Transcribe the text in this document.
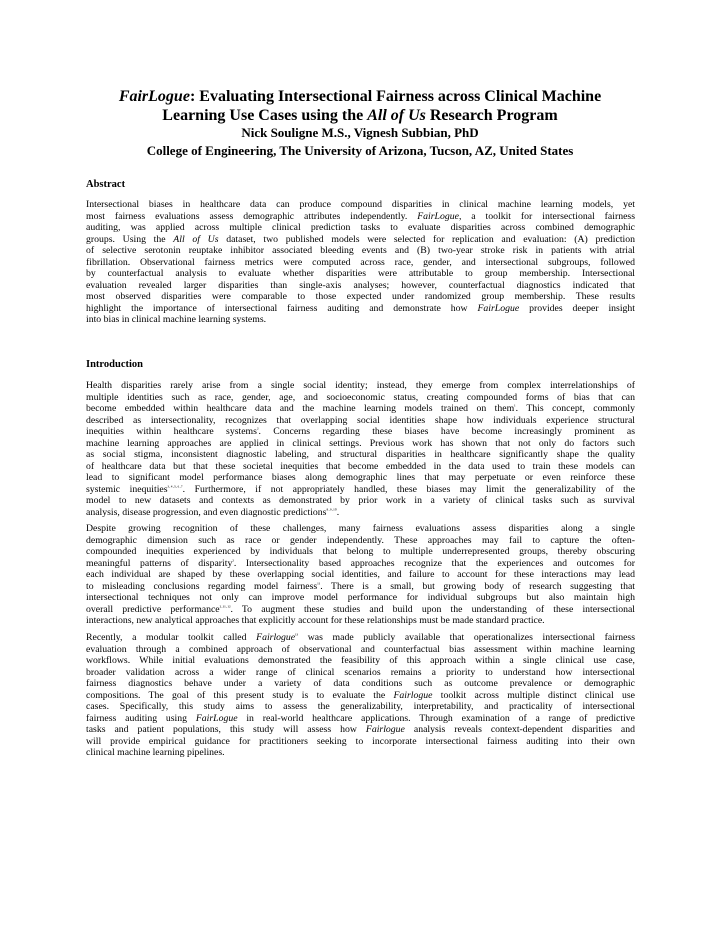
FairLogue: Evaluating Intersectional Fairness across Clinical Machine
Learning Use Cases using the All of Us Research Program
Nick Souligne M.S., Vignesh Subbian, PhD
College of Engineering, The University of Arizona, Tucson, AZ, United States
Abstract
Intersectional biases in healthcare data can produce compound disparities in clinical machine learning models, yet
most fairness evaluations assess demographic attributes independently. FairLogue, a toolkit for intersectional fairness
auditing, was applied across multiple clinical prediction tasks to evaluate disparities across combined demographic
groups. Using the All of Us dataset, two published models were selected for replication and evaluation: (A) prediction
of selective serotonin reuptake inhibitor associated bleeding events and (B) two-year stroke risk in patients with atrial
fibrillation. Observational fairness metrics were computed across race, gender, and intersectional subgroups, followed
by counterfactual analysis to evaluate whether disparities were attributable to group membership. Intersectional
evaluation revealed larger disparities than single-axis analyses; however, counterfactual diagnostics indicated that
most observed disparities were comparable to those expected under randomized group membership. These results
highlight the importance of intersectional fairness auditing and demonstrate how FairLogue provides deeper insight
into bias in clinical machine learning systems.
Introduction
Health disparities rarely arise from a single social identity; instead, they emerge from complex interrelationships of
multiple identities such as race, gender, age, and socioeconomic status, creating compounded forms of bias that can
become embedded within healthcare data and the machine learning models trained on them$^{^1}$. This concept, commonly
described as intersectionality, recognizes that overlapping social identities shape how individuals experience structural
inequities within healthcare systems$^{^2}$. Concerns regarding these biases have become increasingly prominent as
machine learning approaches are applied in clinical settings. Previous work has shown that not only do factors such
as social stigma, inconsistent diagnostic labeling, and structural disparities in healthcare significantly shape the quality
of healthcare data but that these societal inequities that become embedded in the data used to train these models can
lead to significant model performance biases along demographic lines that may perpetuate or even reinforce these
systemic inequities$^{^3\cdot^4\cdot^5\cdot^6\cdot^7}$. Furthermore, if not appropriately handled, these biases may limit the generalizability of the
model to new datasets and contexts as demonstrated by prior work in a variety of clinical tasks such as survival
analysis, disease progression, and even diagnostic predictions$^{^8\cdot^9\cdot^{10}}$.
Despite growing recognition of these challenges, many fairness evaluations assess disparities along a single
demographic dimension such as race or gender independently. These approaches may fail to capture the often-
compounded inequities experienced by individuals that belong to multiple underrepresented groups, thereby obscuring
meaningful patterns of disparity$^{^2}$. Intersectionality based approaches recognize that the experiences and outcomes for
each individual are shaped by these overlapping social identities, and failure to account for these interactions may lead
to misleading conclusions regarding model fairness$^{^{11}}$. There is a small, but growing body of research suggesting that
intersectional techniques not only can improve model performance for individual subgroups but also maintain high
overall predictive performance$^{^2\cdot^{11}\cdot^{12}}$. To augment these studies and build upon the understanding of these intersectional
interactions, new analytical approaches that explicitly account for these relationships must be made standard practice.
Recently, a modular toolkit called Fairlogue$^{^{13}}$ was made publicly available that operationalizes intersectional fairness
evaluation through a combined approach of observational and counterfactual bias assessment within machine learning
workflows. While initial evaluations demonstrated the feasibility of this approach within a single clinical use case,
broader validation across a wider range of clinical scenarios remains a priority to understand how intersectional
fairness diagnostics behave under a variety of data conditions such as outcome prevalence or demographic
compositions. The goal of this present study is to evaluate the Fairlogue toolkit across multiple distinct clinical use
cases. Specifically, this study aims to assess the generalizability, interpretability, and practicality of intersectional
fairness auditing using FairLogue in real-world healthcare applications. Through examination of a range of predictive
tasks and patient populations, this study will assess how Fairlogue analysis reveals context-dependent disparities and
will provide empirical guidance for practitioners seeking to incorporate intersectional fairness auditing into their own
clinical machine learning pipelines.
